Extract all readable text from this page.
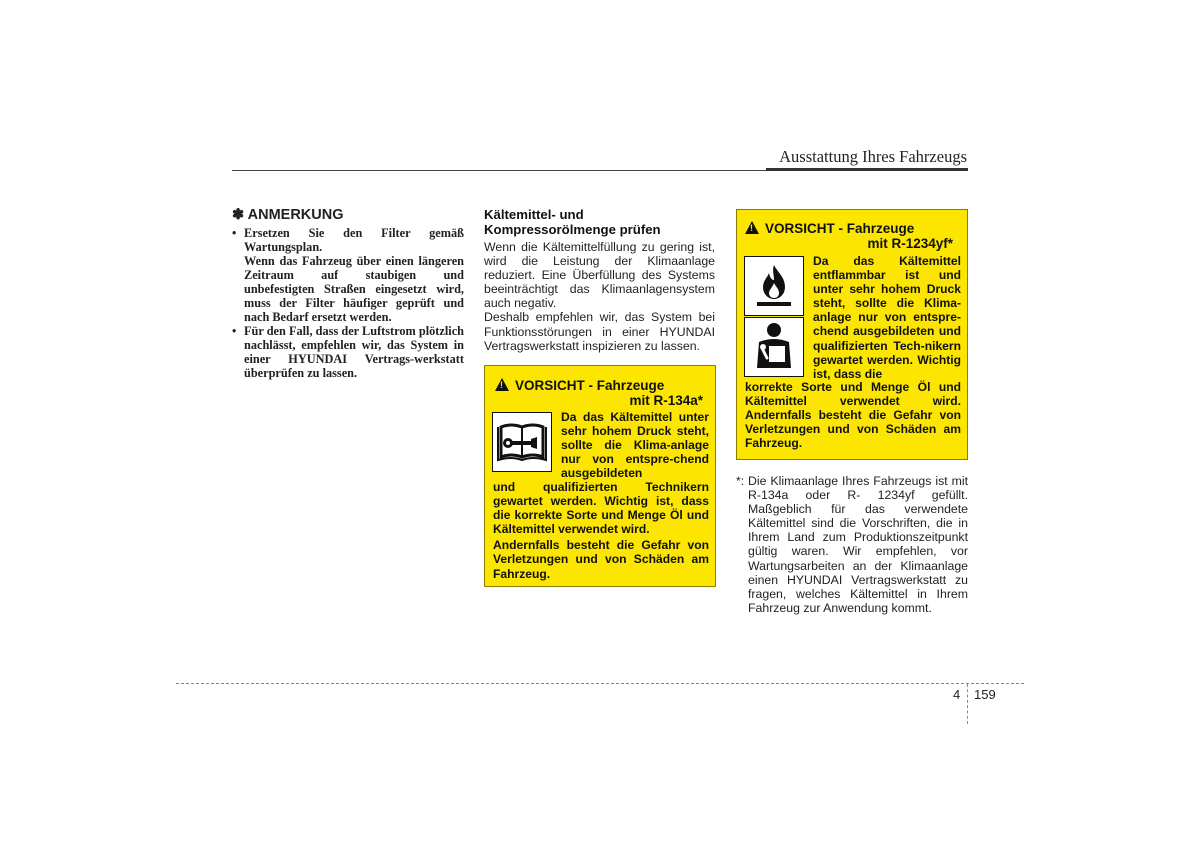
Ausstattung Ihres Fahrzeugs
✽ ANMERKUNG
• Ersetzen Sie den Filter gemäß Wartungsplan.

Wenn das Fahrzeug über einen längeren Zeitraum auf staubigen und unbefestigten Straßen eingesetzt wird, muss der Filter häufiger geprüft und nach Bedarf ersetzt werden.

• Für den Fall, dass der Luftstrom plötzlich nachlässt, empfehlen wir, das System in einer HYUNDAI Vertrags-werkstatt überprüfen zu lassen.

Kältemittel- und Kompressorölmenge prüfen

Wenn die Kältemittelfüllung zu gering ist, wird die Leistung der Klimaanlage reduziert. Eine Überfüllung des Systems beeinträchtigt das Klimaanlagensystem auch negativ.

Deshalb empfehlen wir, das System bei Funktionsstörungen in einer HYUNDAI Vertragswerkstatt inspizieren zu lassen.

!VORSICHT - Fahrzeuge
mit R-134a*
Da das Kältemittel unter sehr hohem Druck steht, sollte die Klima-anlage nur von entspre-chend ausgebildeten
und qualifizierten Technikern gewartet werden. Wichtig ist, dass die korrekte Sorte und Menge Öl und Kältemittel verwendet wird.
Andernfalls besteht die Gefahr von Verletzungen und von Schäden am Fahrzeug.
!VORSICHT - Fahrzeuge
mit R-1234yf*
Da das Kältemittel entflammbar ist und unter sehr hohem Druck steht, sollte die Klima-anlage nur von entspre-chend ausgebildeten und qualifizierten Tech-nikern gewartet werden. Wichtig ist, dass die
korrekte Sorte und Menge Öl und Kältemittel verwendet wird. Andernfalls besteht die Gefahr von Verletzungen und von Schäden am Fahrzeug.
*: Die Klimaanlage Ihres Fahrzeugs ist mit R-134a oder R- 1234yf gefüllt. Maßgeblich für das verwendete Kältemittel sind die Vorschriften, die in Ihrem Land zum Produktionszeitpunkt gültig waren. Wir empfehlen, vor Wartungsarbeiten an der Klimaanlage einen HYUNDAI Vertragswerkstatt zu fragen, welches Kältemittel in Ihrem Fahrzeug zur Anwendung kommt.

4 159
